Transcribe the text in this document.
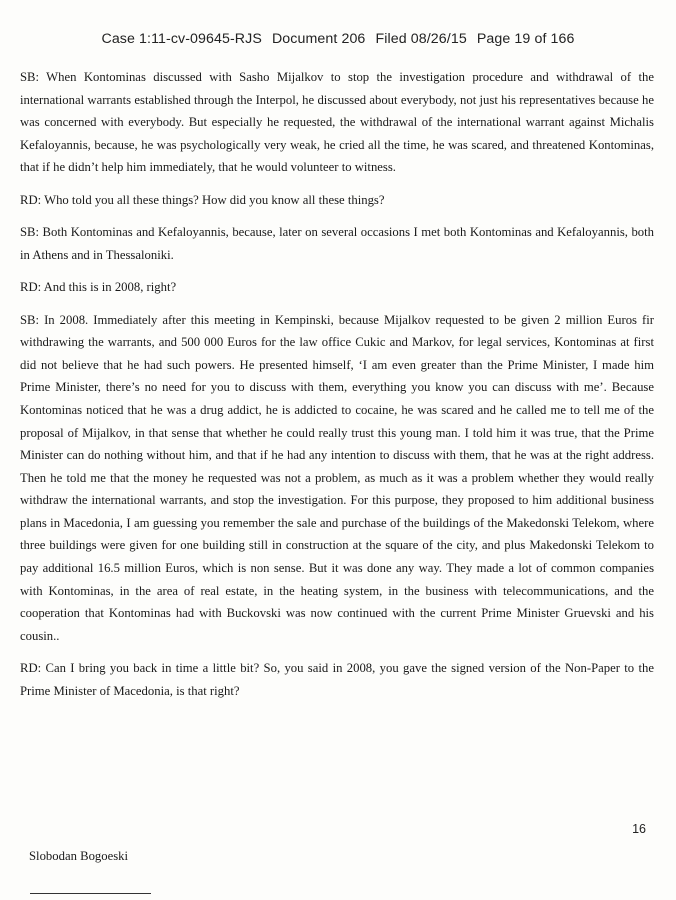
Case 1:11-cv-09645-RJS Document 206 Filed 08/26/15 Page 19 of 166

SB: When Kontominas discussed with Sasho Mijalkov to stop the investigation procedure and withdrawal of the international warrants established through the Interpol, he discussed about everybody, not just his representatives because he was concerned with everybody. But especially he requested, the withdrawal of the international warrant against Michalis Kefaloyannis, because, he was psychologically very weak, he cried all the time, he was scared, and threatened Kontominas, that if he didn’t help him immediately, that he would volunteer to witness.

RD: Who told you all these things? How did you know all these things?

SB: Both Kontominas and Kefaloyannis, because, later on several occasions I met both Kontominas and Kefaloyannis, both in Athens and in Thessaloniki.

RD: And this is in 2008, right?

SB: In 2008. Immediately after this meeting in Kempinski, because Mijalkov requested to be given 2 million Euros fir withdrawing the warrants, and 500 000 Euros for the law office Cukic and Markov, for legal services, Kontominas at first did not believe that he had such powers. He presented himself, ‘I am even greater than the Prime Minister, I made him Prime Minister, there’s no need for you to discuss with them, everything you know you can discuss with me’. Because Kontominas noticed that he was a drug addict, he is addicted to cocaine, he was scared and he called me to tell me of the proposal of Mijalkov, in that sense that whether he could really trust this young man. I told him it was true, that the Prime Minister can do nothing without him, and that if he had any intention to discuss with them, that he was at the right address. Then he told me that the money he requested was not a problem, as much as it was a problem whether they would really withdraw the international warrants, and stop the investigation. For this purpose, they proposed to him additional business plans in Macedonia, I am guessing you remember the sale and purchase of the buildings of the Makedonski Telekom, where three buildings were given for one building still in construction at the square of the city, and plus Makedonski Telekom to pay additional 16.5 million Euros, which is non sense. But it was done any way. They made a lot of common companies with Kontominas, in the area of real estate, in the heating system, in the business with telecommunications, and the cooperation that Kontominas had with Buckovski was now continued with the current Prime Minister Gruevski and his cousin..

RD: Can I bring you back in time a little bit? So, you said in 2008, you gave the signed version of the Non-Paper to the Prime Minister of Macedonia, is that right?

16
Slobodan Bogoeski
